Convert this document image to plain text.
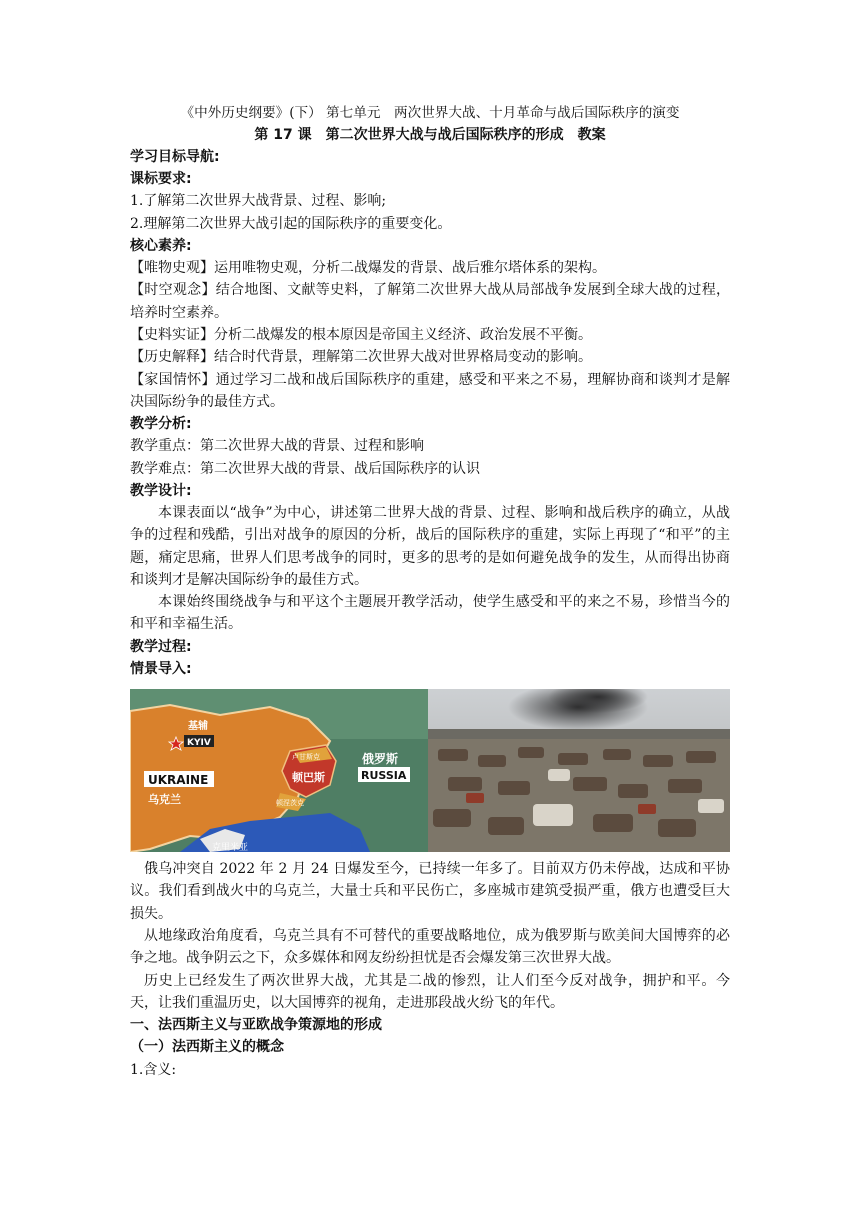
《中外历史纲要》(下） 第七单元　两次世界大战、十月革命与战后国际秩序的演变
第 17 课　第二次世界大战与战后国际秩序的形成　教案

学习目标导航:

课标要求:

1.了解第二次世界大战背景、过程、影响;

2.理解第二次世界大战引起的国际秩序的重要变化。

核心素养:

【唯物史观】运用唯物史观，分析二战爆发的背景、战后雅尔塔体系的架构。

【时空观念】结合地图、文献等史料，了解第二次世界大战从局部战争发展到全球大战的过程，培养时空素养。

【史料实证】分析二战爆发的根本原因是帝国主义经济、政治发展不平衡。

【历史解释】结合时代背景，理解第二次世界大战对世界格局变动的影响。

【家国情怀】通过学习二战和战后国际秩序的重建，感受和平来之不易，理解协商和谈判才是解决国际纷争的最佳方式。

教学分析:

教学重点：第二次世界大战的背景、过程和影响

教学难点：第二次世界大战的背景、战后国际秩序的认识

教学设计:

本课表面以“战争”为中心，讲述第二世界大战的背景、过程、影响和战后秩序的确立，从战争的过程和残酷，引出对战争的原因的分析，战后的国际秩序的重建，实际上再现了“和平”的主题，痛定思痛，世界人们思考战争的同时，更多的思考的是如何避免战争的发生，从而得出协商和谈判才是解决国际纷争的最佳方式。

本课始终围绕战争与和平这个主题展开教学活动，使学生感受和平的来之不易，珍惜当今的和平和幸福生活。

教学过程:

情景导入:

基辅
KYIV
UKRAINE
乌克兰
俄罗斯
RUSSIA
卢甘斯克
顿巴斯
顿涅茨克
克里米亚

俄乌冲突自 2022 年 2 月 24 日爆发至今，已持续一年多了。目前双方仍未停战，达成和平协议。我们看到战火中的乌克兰，大量士兵和平民伤亡，多座城市建筑受损严重，俄方也遭受巨大损失。

从地缘政治角度看，乌克兰具有不可替代的重要战略地位，成为俄罗斯与欧美间大国博弈的必争之地。战争阴云之下，众多媒体和网友纷纷担忧是否会爆发第三次世界大战。

历史上已经发生了两次世界大战，尤其是二战的惨烈，让人们至今反对战争，拥护和平。今天，让我们重温历史，以大国博弈的视角，走进那段战火纷飞的年代。

一、法西斯主义与亚欧战争策源地的形成

（一）法西斯主义的概念

1.含义:
